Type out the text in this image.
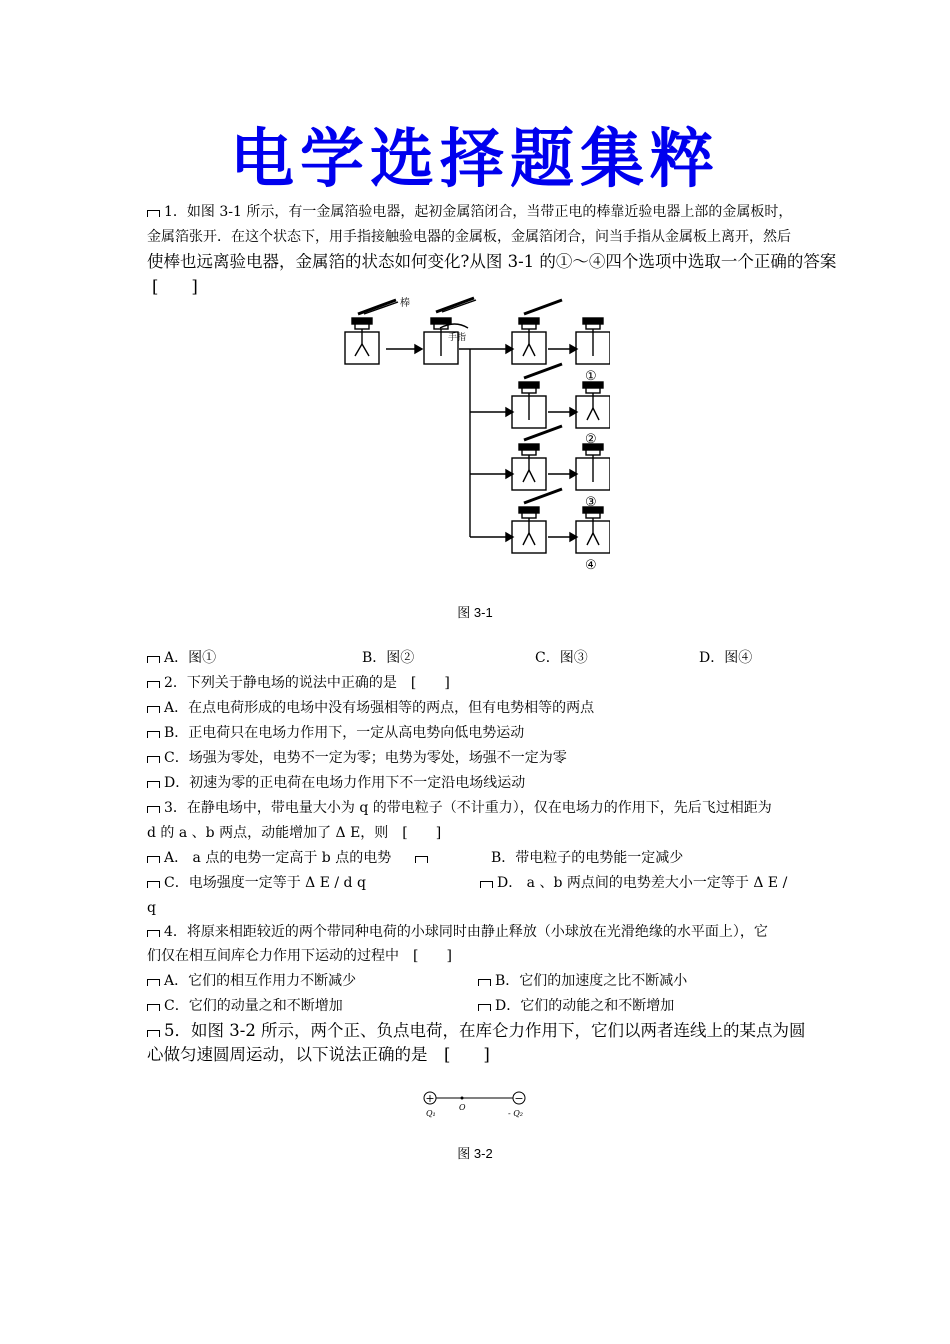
电学选择题集粹
1．如图 3-1 所示，有一金属箔验电器，起初金属箔闭合，当带正电的棒靠近验电器上部的金属板时，
金属箔张开．在这个状态下，用手指接触验电器的金属板，金属箔闭合，问当手指从金属板上离开，然后
使棒也远离验电器，金属箔的状态如何变化?从图 3-1 的①～④四个选项中选取一个正确的答案
[　　]
棒
手指
①
②
③
④
图 3-1
A．图①	B．图②	C．图③	D．图④
2．下列关于静电场的说法中正确的是　[　　]
A．在点电荷形成的电场中没有场强相等的两点，但有电势相等的两点
B．正电荷只在电场力作用下，一定从高电势向低电势运动
C．场强为零处，电势不一定为零；电势为零处，场强不一定为零
D．初速为零的正电荷在电场力作用下不一定沿电场线运动
3．在静电场中，带电量大小为 q 的带电粒子（不计重力），仅在电场力的作用下，先后飞过相距为
d 的 a 、b 两点，动能增加了 Δ E，则　[　　]
A． a 点的电势一定高于 b 点的电势	B．带电粒子的电势能一定减少
C．电场强度一定等于 Δ E / d q	D． a 、b 两点间的电势差大小一定等于 Δ E /
q
4．将原来相距较近的两个带同种电荷的小球同时由静止释放（小球放在光滑绝缘的水平面上），它
们仅在相互间库仑力作用下运动的过程中　[　　]
A．它们的相互作用力不断减少	B．它们的加速度之比不断减小
C．它们的动量之和不断增加	D．它们的动能之和不断增加
5．如图 3-2 所示，两个正、负点电荷，在库仑力作用下，它们以两者连线上的某点为圆
心做匀速圆周运动，以下说法正确的是　[　　]
+	−
Q₁
O
- Q₂
图 3-2
